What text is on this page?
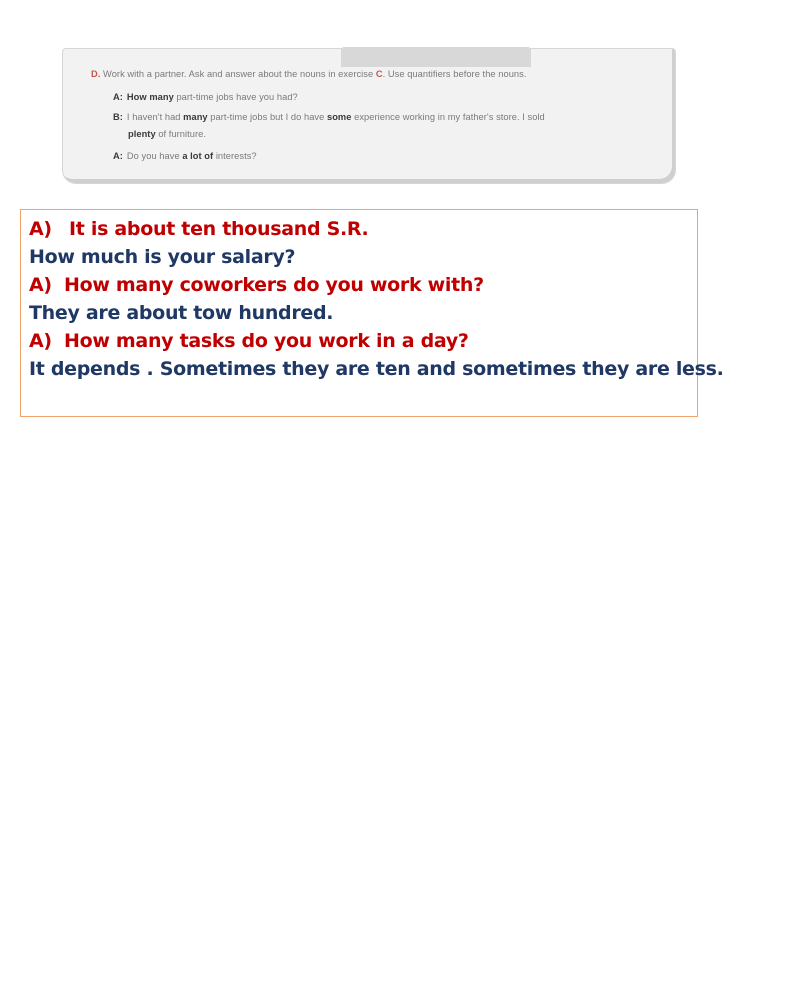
D. Work with a partner. Ask and answer about the nouns in exercise C. Use quantifiers before the nouns.
A: How many part-time jobs have you had?
B: I haven't had many part-time jobs but I do have some experience working in my father's store. I sold
plenty of furniture.
A: Do you have a lot of interests?
A) It is about ten thousand S.R.
How much is your salary?
A) How many coworkers do you work with?
They are about tow hundred.
A) How many tasks do you work in a day?
It depends . Sometimes they are ten and sometimes they are less.
